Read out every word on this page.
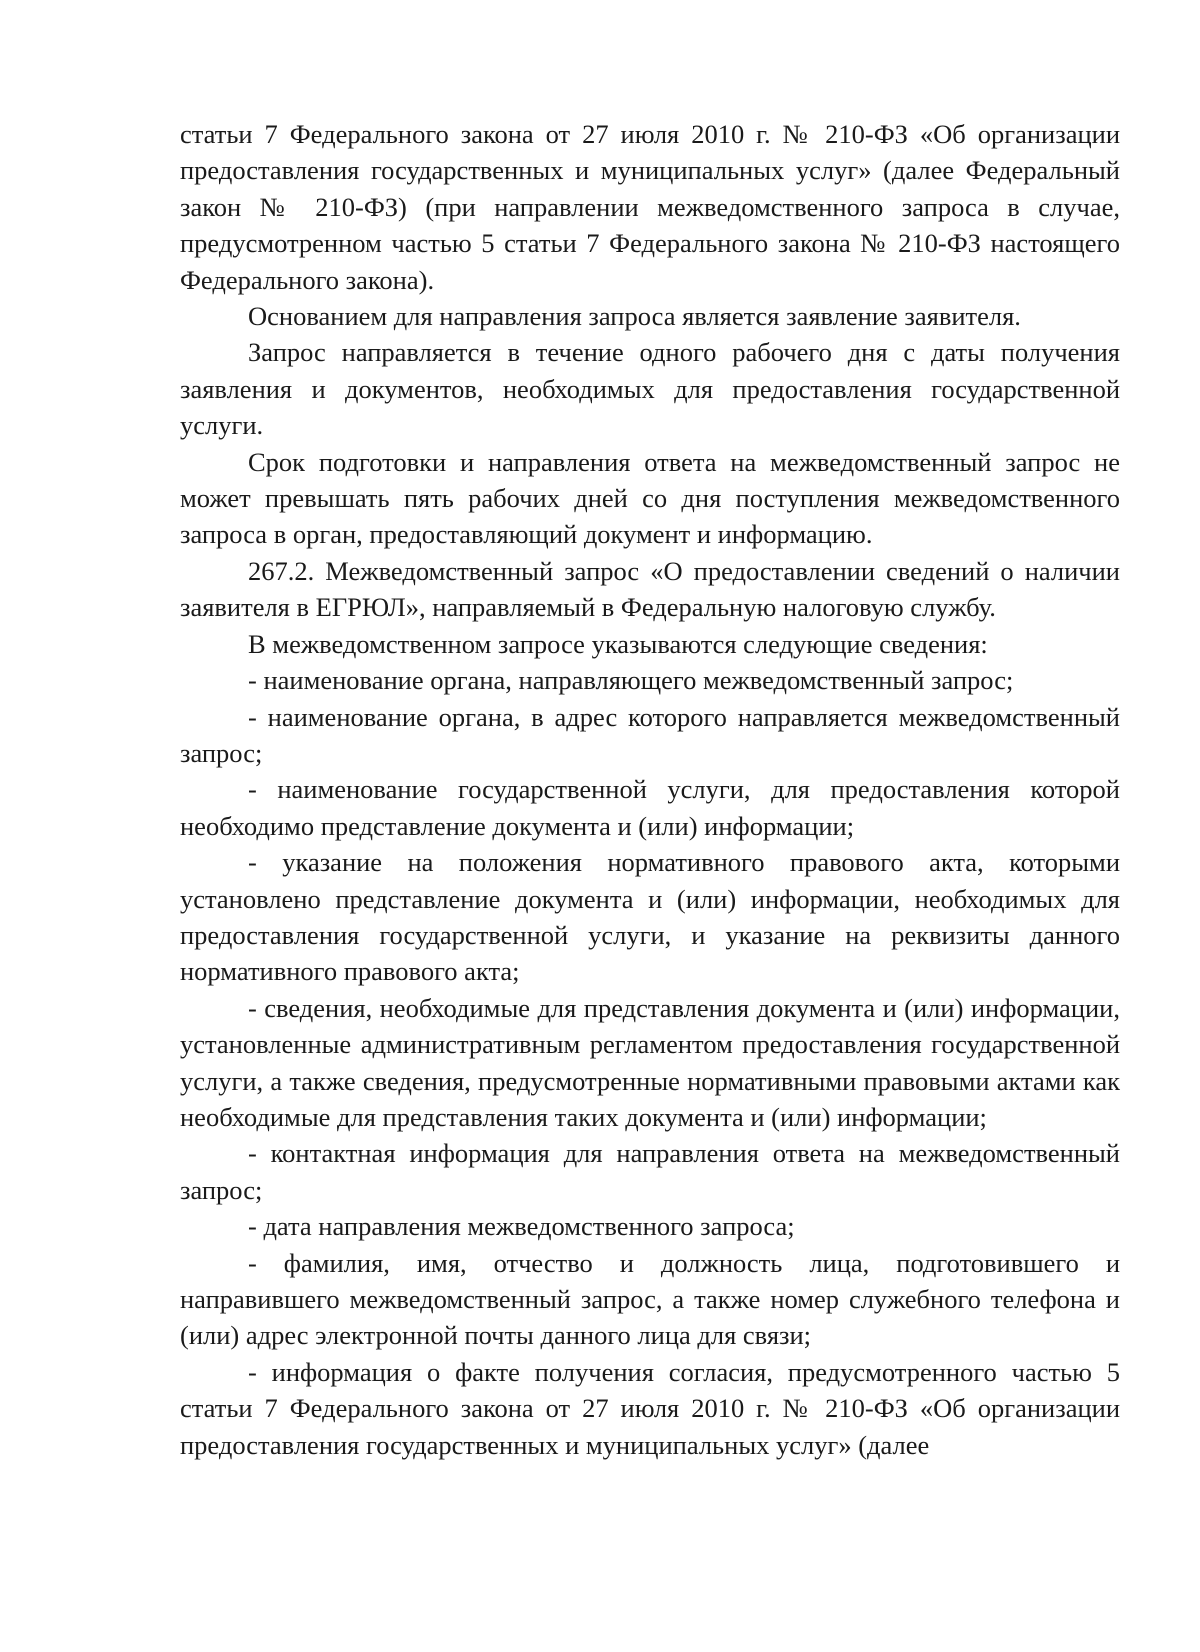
статьи 7 Федерального закона от 27 июля 2010 г. № 210-ФЗ «Об организации предоставления государственных и муниципальных услуг» (далее Федеральный закон № 210-ФЗ) (при направлении межведомственного запроса в случае, предусмотренном частью 5 статьи 7 Федерального закона № 210-ФЗ настоящего Федерального закона).

Основанием для направления запроса является заявление заявителя.

Запрос направляется в течение одного рабочего дня с даты получения заявления и документов, необходимых для предоставления государственной услуги.

Срок подготовки и направления ответа на межведомственный запрос не может превышать пять рабочих дней со дня поступления межведомственного запроса в орган, предоставляющий документ и информацию.

267.2. Межведомственный запрос «О предоставлении сведений о наличии заявителя в ЕГРЮЛ», направляемый в Федеральную налоговую службу.

В межведомственном запросе указываются следующие сведения:

- наименование органа, направляющего межведомственный запрос;

- наименование органа, в адрес которого направляется межведомственный запрос;

- наименование государственной услуги, для предоставления которой необходимо представление документа и (или) информации;

- указание на положения нормативного правового акта, которыми установлено представление документа и (или) информации, необходимых для предоставления государственной услуги, и указание на реквизиты данного нормативного правового акта;

- сведения, необходимые для представления документа и (или) информации, установленные административным регламентом предоставления государственной услуги, а также сведения, предусмотренные нормативными правовыми актами как необходимые для представления таких документа и (или) информации;

- контактная информация для направления ответа на межведомственный запрос;

- дата направления межведомственного запроса;

- фамилия, имя, отчество и должность лица, подготовившего и направившего межведомственный запрос, а также номер служебного телефона и (или) адрес электронной почты данного лица для связи;

- информация о факте получения согласия, предусмотренного частью 5 статьи 7 Федерального закона от 27 июля 2010 г. № 210-ФЗ «Об организации предоставления государственных и муниципальных услуг» (далее
